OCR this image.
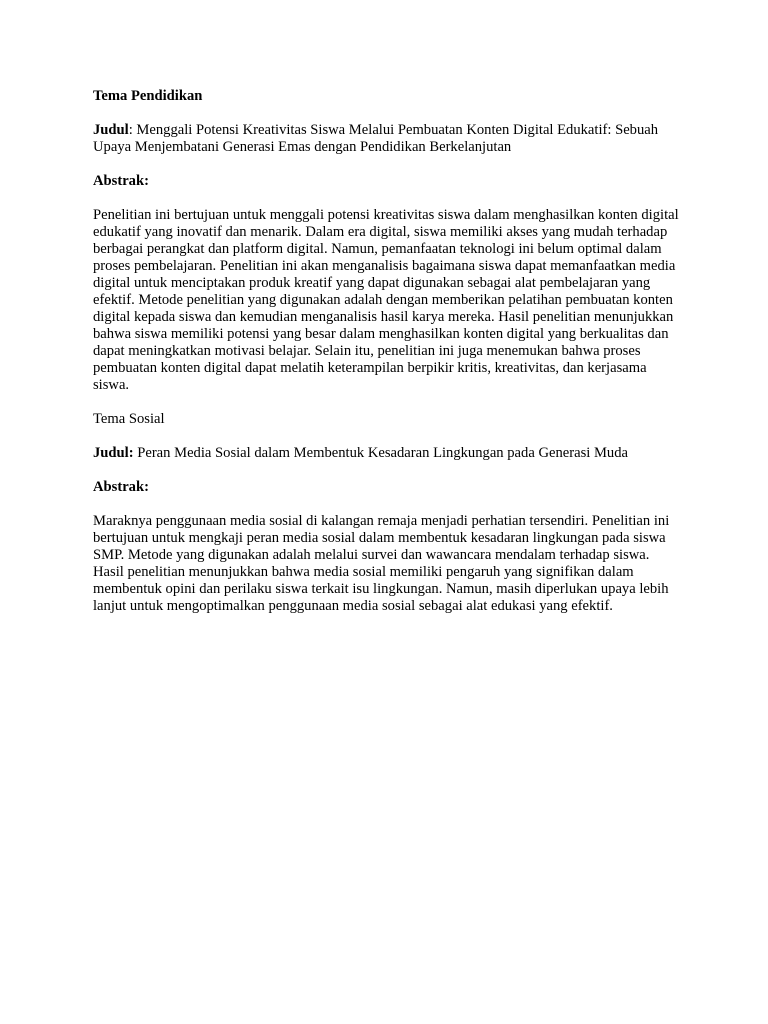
Tema Pendidikan

Judul: Menggali Potensi Kreativitas Siswa Melalui Pembuatan Konten Digital Edukatif: Sebuah Upaya Menjembatani Generasi Emas dengan Pendidikan Berkelanjutan

Abstrak:

Penelitian ini bertujuan untuk menggali potensi kreativitas siswa dalam menghasilkan konten digital edukatif yang inovatif dan menarik. Dalam era digital, siswa memiliki akses yang mudah terhadap berbagai perangkat dan platform digital. Namun, pemanfaatan teknologi ini belum optimal dalam proses pembelajaran. Penelitian ini akan menganalisis bagaimana siswa dapat memanfaatkan media digital untuk menciptakan produk kreatif yang dapat digunakan sebagai alat pembelajaran yang efektif. Metode penelitian yang digunakan adalah dengan memberikan pelatihan pembuatan konten digital kepada siswa dan kemudian menganalisis hasil karya mereka. Hasil penelitian menunjukkan bahwa siswa memiliki potensi yang besar dalam menghasilkan konten digital yang berkualitas dan dapat meningkatkan motivasi belajar. Selain itu, penelitian ini juga menemukan bahwa proses pembuatan konten digital dapat melatih keterampilan berpikir kritis, kreativitas, dan kerjasama siswa.

Tema Sosial

Judul: Peran Media Sosial dalam Membentuk Kesadaran Lingkungan pada Generasi Muda

Abstrak:

Maraknya penggunaan media sosial di kalangan remaja menjadi perhatian tersendiri. Penelitian ini bertujuan untuk mengkaji peran media sosial dalam membentuk kesadaran lingkungan pada siswa SMP. Metode yang digunakan adalah melalui survei dan wawancara mendalam terhadap siswa. Hasil penelitian menunjukkan bahwa media sosial memiliki pengaruh yang signifikan dalam membentuk opini dan perilaku siswa terkait isu lingkungan. Namun, masih diperlukan upaya lebih lanjut untuk mengoptimalkan penggunaan media sosial sebagai alat edukasi yang efektif.
